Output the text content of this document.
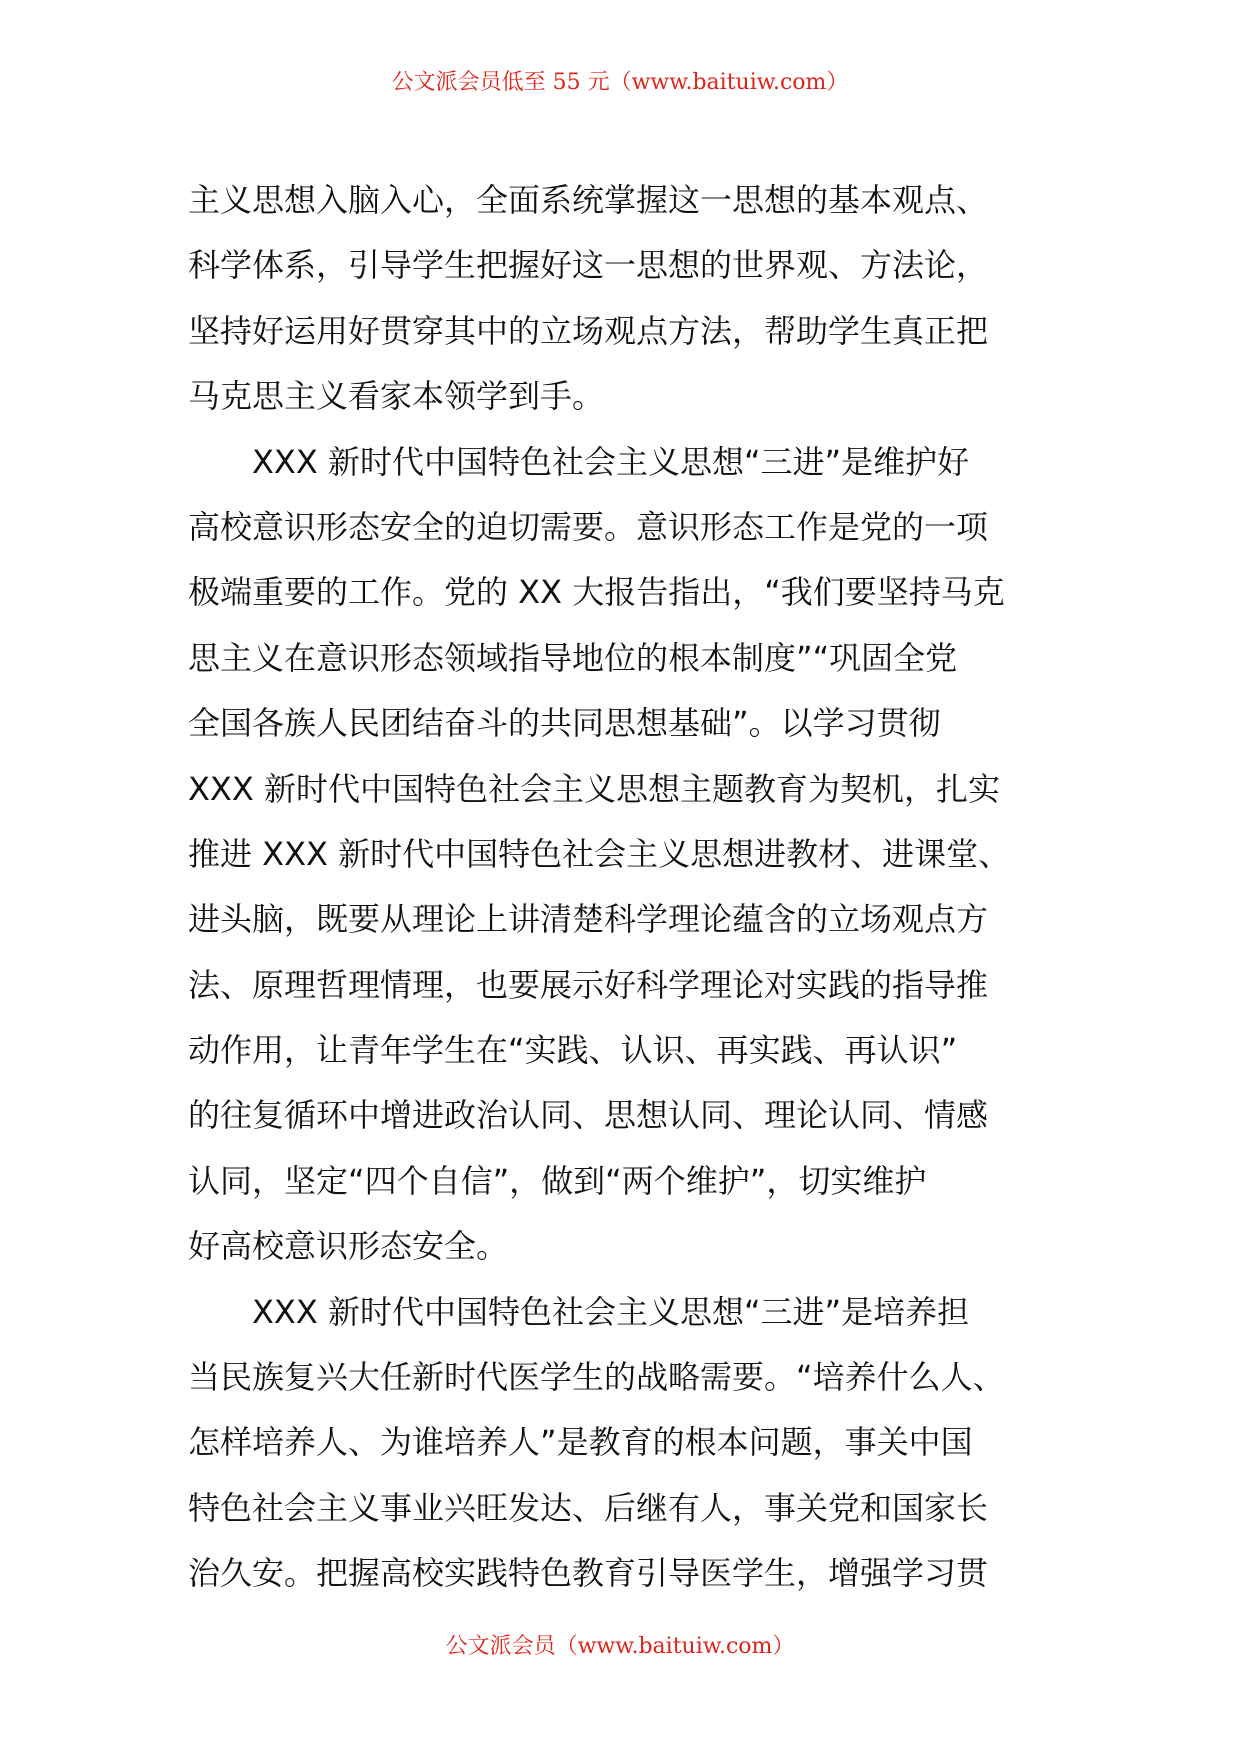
公文派会员低至 55 元（www.baituiw.com）

主义思想入脑入心，全面系统掌握这一思想的基本观点、

科学体系，引导学生把握好这一思想的世界观、方法论，

坚持好运用好贯穿其中的立场观点方法，帮助学生真正把

马克思主义看家本领学到手。

XXX 新时代中国特色社会主义思想“三进”是维护好

高校意识形态安全的迫切需要。意识形态工作是党的一项

极端重要的工作。党的 XX 大报告指出，“我们要坚持马克

思主义在意识形态领域指导地位的根本制度”“巩固全党

全国各族人民团结奋斗的共同思想基础”。以学习贯彻

XXX 新时代中国特色社会主义思想主题教育为契机，扎实

推进 XXX 新时代中国特色社会主义思想进教材、进课堂、

进头脑，既要从理论上讲清楚科学理论蕴含的立场观点方

法、原理哲理情理，也要展示好科学理论对实践的指导推

动作用，让青年学生在“实践、认识、再实践、再认识”

的往复循环中增进政治认同、思想认同、理论认同、情感

认同，坚定“四个自信”，做到“两个维护”，切实维护

好高校意识形态安全。

XXX 新时代中国特色社会主义思想“三进”是培养担

当民族复兴大任新时代医学生的战略需要。“培养什么人、

怎样培养人、为谁培养人”是教育的根本问题，事关中国

特色社会主义事业兴旺发达、后继有人，事关党和国家长

治久安。把握高校实践特色教育引导医学生，增强学习贯

公文派会员（www.baituiw.com）
